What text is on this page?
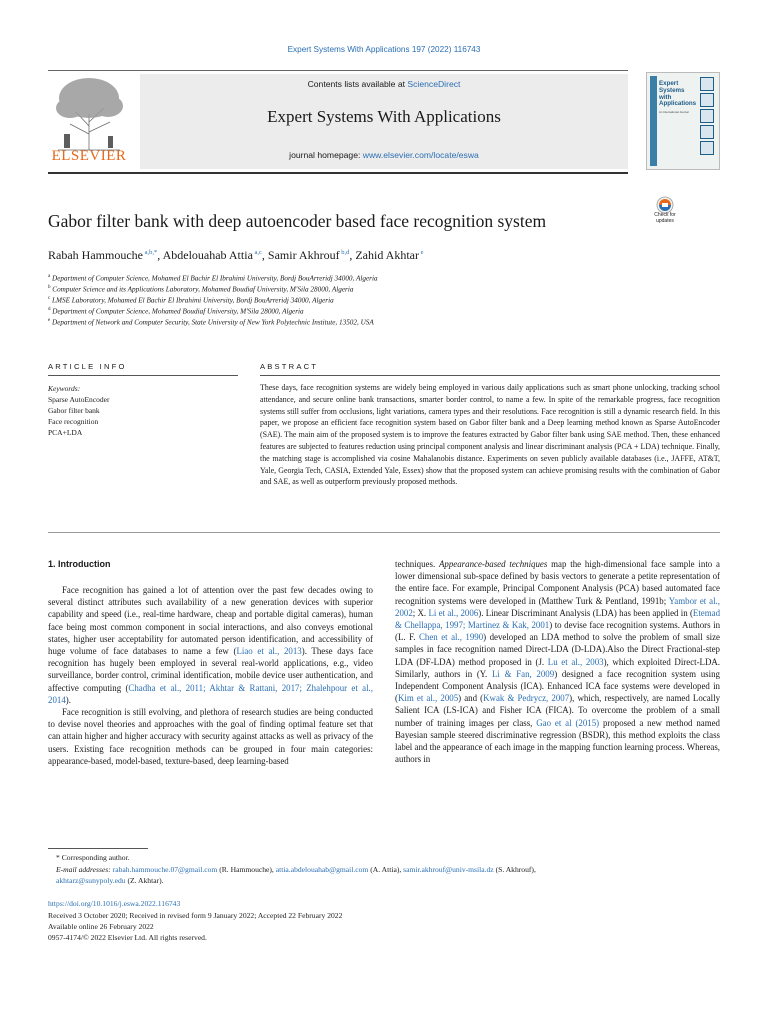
Expert Systems With Applications 197 (2022) 116743
ELSEVIER
Contents lists available at ScienceDirect
Expert Systems With Applications
journal homepage: www.elsevier.com/locate/eswa
Expert Systems with Applications
An International Journal
Gabor filter bank with deep autoencoder based face recognition system	Check for updates
Rabah Hammouche $^{a,b,*}$, Abdelouahab Attia $^{a,c}$, Samir Akhrouf $^{b,d}$, Zahid Akhtar $^e$
$^a$ Department of Computer Science, Mohamed El Bachir El Ibrahimi University, Bordj BouArreridj 34000, Algeria
$^b$ Computer Science and its Applications Laboratory, Mohamed Boudiaf University, M'Sila 28000, Algeria
$^c$ LMSE Laboratory, Mohamed El Bachir El Ibrahimi University, Bordj BouArreridj 34000, Algeria
$^d$ Department of Computer Science, Mohamed Boudiaf University, M'Sila 28000, Algeria
$^e$ Department of Network and Computer Security, State University of New York Polytechnic Institute, 13502, USA
ARTICLE INFO	ABSTRACT
Keywords:
Sparse AutoEncoder
Gabor filter bank
Face recognition
PCA+LDA
These days, face recognition systems are widely being employed in various daily applications such as smart phone unlocking, tracking school attendance, and secure online bank transactions, smarter border control, to name a few. In spite of the remarkable progress, face recognition systems still suffer from occlusions, light variations, camera types and their resolutions. Face recognition is still a dynamic research field. In this paper, we propose an efficient face recognition system based on Gabor filter bank and a Deep learning method known as Sparse AutoEncoder (SAE). The main aim of the proposed system is to improve the features extracted by Gabor filter bank using SAE method. Then, these enhanced features are subjected to features reduction using principal component analysis and linear discriminant analysis (PCA + LDA) technique. Finally, the matching stage is accomplished via cosine Mahalanobis distance. Experiments on seven publicly available databases (i.e., JAFFE, AT&T, Yale, Georgia Tech, CASIA, Extended Yale, Essex) show that the proposed system can achieve promising results with the combination of Gabor and SAE, as well as outperform previously proposed methods.
1. Introduction

Face recognition has gained a lot of attention over the past few decades owing to several distinct attributes such availability of a new generation devices with superior capability and speed (i.e., real-time hardware, cheap and portable digital cameras), human face being most common component in social interactions, and also conveys emotional states, higher user acceptability for automated person identification, and accessibility of huge volume of face databases to name a few (Liao et al., 2013). These days face recognition has hugely been employed in several real-world applications, e.g., video surveillance, border control, criminal identification, mobile device user authentication, and affective computing (Chadha et al., 2011; Akhtar & Rattani, 2017; Zhalehpour et al., 2014).

Face recognition is still evolving, and plethora of research studies are being conducted to devise novel theories and approaches with the goal of finding optimal feature set that can attain higher and higher accuracy with security against attacks as well as privacy of the users. Existing face recognition methods can be grouped in four main categories: appearance-based, model-based, texture-based, deep learning-based

techniques. Appearance-based techniques map the high-dimensional face sample into a lower dimensional sub-space defined by basis vectors to generate a petite representation of the entire face. For example, Principal Component Analysis (PCA) based automated face recognition systems were developed in (Matthew Turk & Pentland, 1991b; Yambor et al., 2002; X. Li et al., 2006). Linear Discriminant Analysis (LDA) has been applied in (Etemad & Chellappa, 1997; Martinez & Kak, 2001) to devise face recognition systems. Authors in (L. F. Chen et al., 1990) developed an LDA method to solve the problem of small size samples in face recognition named Direct-LDA (D-LDA).Also the Direct Fractional-step LDA (DF-LDA) method proposed in (J. Lu et al., 2003), which exploited Direct-LDA. Similarly, authors in (Y. Li & Fan, 2009) designed a face recognition system using Independent Component Analysis (ICA). Enhanced ICA face systems were developed in (Kim et al., 2005) and (Kwak & Pedrycz, 2007), which, respectively, are named Locally Salient ICA (LS-ICA) and Fisher ICA (FICA). To overcome the problem of a small number of training images per class, Gao et al (2015) proposed a new method named Bayesian sample steered discriminative regression (BSDR), this method exploits the class label and the appearance of each image in the mapping function learning process. Whereas, authors in

* Corresponding author.
E-mail addresses: rabah.hammouche.07@gmail.com (R. Hammouche), attia.abdelouahab@gmail.com (A. Attia), samir.akhrouf@univ-msila.dz (S. Akhrouf),
akhtarz@sunypoly.edu (Z. Akhtar).
https://doi.org/10.1016/j.eswa.2022.116743
Received 3 October 2020; Received in revised form 9 January 2022; Accepted 22 February 2022
Available online 26 February 2022
0957-4174/© 2022 Elsevier Ltd. All rights reserved.
